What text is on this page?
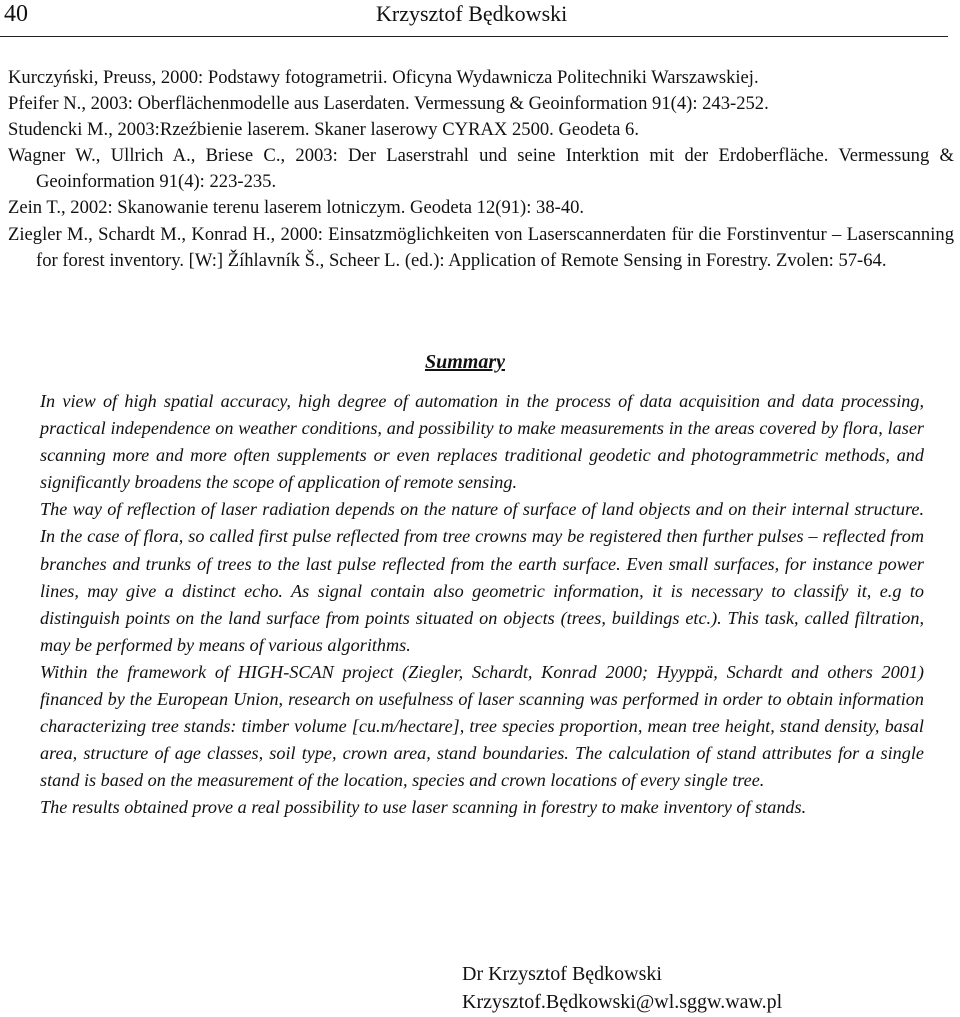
40	Krzysztof Będkowski
Kurczyński, Preuss, 2000: Podstawy fotogrametrii. Oficyna Wydawnicza Politechniki Warszawskiej.
Pfeifer N., 2003: Oberflächenmodelle aus Laserdaten. Vermessung & Geoinformation 91(4): 243-252.
Studencki M., 2003:Rzeźbienie laserem. Skaner laserowy CYRAX 2500. Geodeta 6.
Wagner W., Ullrich A., Briese C., 2003: Der Laserstrahl und seine Interktion mit der Erdoberfläche. Vermessung & Geoinformation 91(4): 223-235.
Zein T., 2002: Skanowanie terenu laserem lotniczym. Geodeta 12(91): 38-40.
Ziegler M., Schardt M., Konrad H., 2000: Einsatzmöglichkeiten von Laserscannerdaten für die Forstinventur – Laserscanning for forest inventory. [W:] Žíhlavník Š., Scheer L. (ed.): Application of Remote Sensing in Forestry. Zvolen: 57-64.
Summary

In view of high spatial accuracy, high degree of automation in the process of data acquisition and data processing, practical independence on weather conditions, and possibility to make measurements in the areas covered by flora, laser scanning more and more often supplements or even replaces traditional geodetic and photogrammetric methods, and significantly broadens the scope of application of remote sensing.

The way of reflection of laser radiation depends on the nature of surface of land objects and on their internal structure. In the case of flora, so called first pulse reflected from tree crowns may be registered then further pulses – reflected from branches and trunks of trees to the last pulse reflected from the earth surface. Even small surfaces, for instance power lines, may give a distinct echo. As signal contain also geometric information, it is necessary to classify it, e.g to distinguish points on the land surface from points situated on objects (trees, buildings etc.). This task, called filtration, may be performed by means of various algorithms.

Within the framework of HIGH-SCAN project (Ziegler, Schardt, Konrad 2000; Hyyppä, Schardt and others 2001) financed by the European Union, research on usefulness of laser scanning was performed in order to obtain information characterizing tree stands: timber volume [cu.m/hectare], tree species proportion, mean tree height, stand density, basal area, structure of age classes, soil type, crown area, stand boundaries. The calculation of stand attributes for a single stand is based on the measurement of the location, species and crown locations of every single tree.

The results obtained prove a real possibility to use laser scanning in forestry to make inventory of stands.

Dr Krzysztof Będkowski
Krzysztof.Będkowski@wl.sggw.waw.pl
